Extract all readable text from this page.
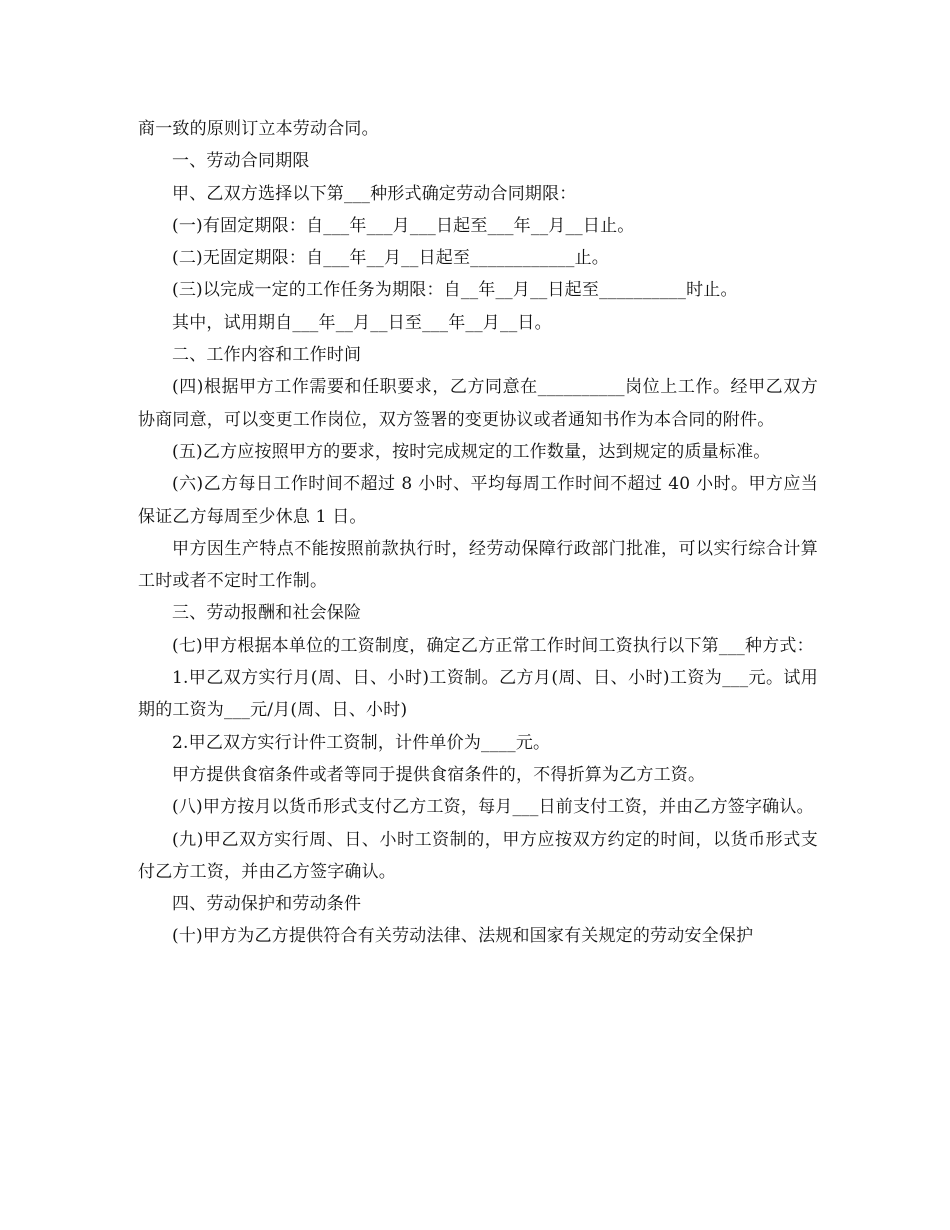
商一致的原则订立本劳动合同。

一、劳动合同期限

甲、乙双方选择以下第___种形式确定劳动合同期限：

(一)有固定期限：自___年___月___日起至___年__月__日止。

(二)无固定期限：自___年__月__日起至____________止。

(三)以完成一定的工作任务为期限：自__年__月__日起至__________时止。

其中，试用期自___年__月__日至___年__月__日。

二、工作内容和工作时间

(四)根据甲方工作需要和任职要求，乙方同意在__________岗位上工作。经甲乙双方协商同意，可以变更工作岗位，双方签署的变更协议或者通知书作为本合同的附件。

(五)乙方应按照甲方的要求，按时完成规定的工作数量，达到规定的质量标准。

(六)乙方每日工作时间不超过 8 小时、平均每周工作时间不超过 40 小时。甲方应当保证乙方每周至少休息 1 日。

甲方因生产特点不能按照前款执行时，经劳动保障行政部门批准，可以实行综合计算工时或者不定时工作制。

三、劳动报酬和社会保险

(七)甲方根据本单位的工资制度，确定乙方正常工作时间工资执行以下第___种方式：

1.甲乙双方实行月(周、日、小时)工资制。乙方月(周、日、小时)工资为___元。试用期的工资为___元/月(周、日、小时)

2.甲乙双方实行计件工资制，计件单价为____元。

甲方提供食宿条件或者等同于提供食宿条件的，不得折算为乙方工资。

(八)甲方按月以货币形式支付乙方工资，每月___日前支付工资，并由乙方签字确认。

(九)甲乙双方实行周、日、小时工资制的，甲方应按双方约定的时间，以货币形式支付乙方工资，并由乙方签字确认。

四、劳动保护和劳动条件

(十)甲方为乙方提供符合有关劳动法律、法规和国家有关规定的劳动安全保护
